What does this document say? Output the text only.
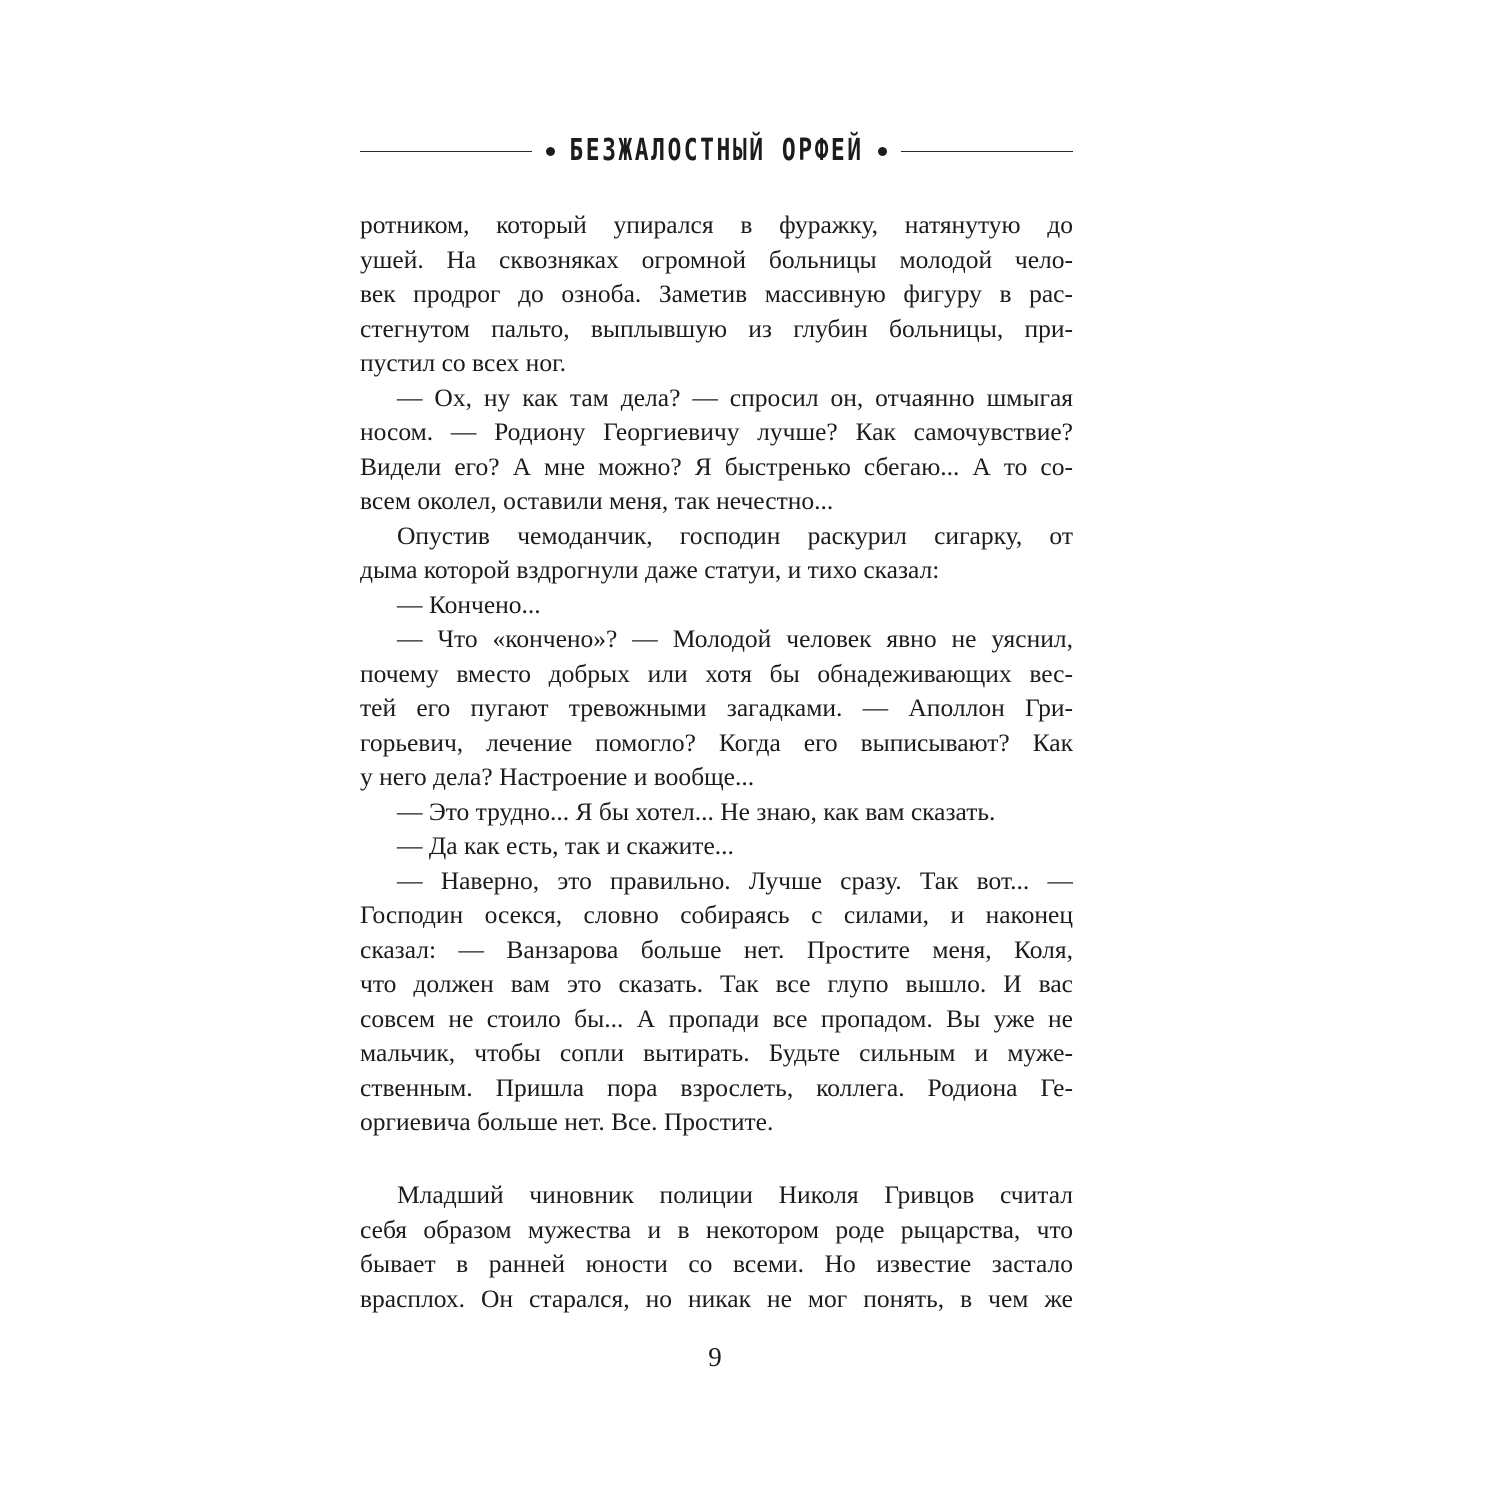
БЕЗЖАЛОСТНЫЙ ОРФЕЙ
ротником, который упирался в фуражку, натянутую до
ушей. На сквозняках огромной больницы молодой чело-
век продрог до озноба. Заметив массивную фигуру в рас-
стегнутом пальто, выплывшую из глубин больницы, при-
пустил со всех ног.
— Ох, ну как там дела? — спросил он, отчаянно шмыгая
носом. — Родиону Георгиевичу лучше? Как самочувствие?
Видели его? А мне можно? Я быстренько сбегаю... А то со-
всем околел, оставили меня, так нечестно...
Опустив чемоданчик, господин раскурил сигарку, от
дыма которой вздрогнули даже статуи, и тихо сказал:
— Кончено...
— Что «кончено»? — Молодой человек явно не уяснил,
почему вместо добрых или хотя бы обнадеживающих вес-
тей его пугают тревожными загадками. — Аполлон Гри-
горьевич, лечение помогло? Когда его выписывают? Как
у него дела? Настроение и вообще...
— Это трудно... Я бы хотел... Не знаю, как вам сказать.
— Да как есть, так и скажите...
— Наверно, это правильно. Лучше сразу. Так вот... —
Господин осекся, словно собираясь с силами, и наконец
сказал: — Ванзарова больше нет. Простите меня, Коля,
что должен вам это сказать. Так все глупо вышло. И вас
совсем не стоило бы... А пропади все пропадом. Вы уже не
мальчик, чтобы сопли вытирать. Будьте сильным и муже-
ственным. Пришла пора взрослеть, коллега. Родиона Ге-
оргиевича больше нет. Все. Простите.
Младший чиновник полиции Николя Гривцов считал
себя образом мужества и в некотором роде рыцарства, что
бывает в ранней юности со всеми. Но известие застало
врасплох. Он старался, но никак не мог понять, в чем же
9
